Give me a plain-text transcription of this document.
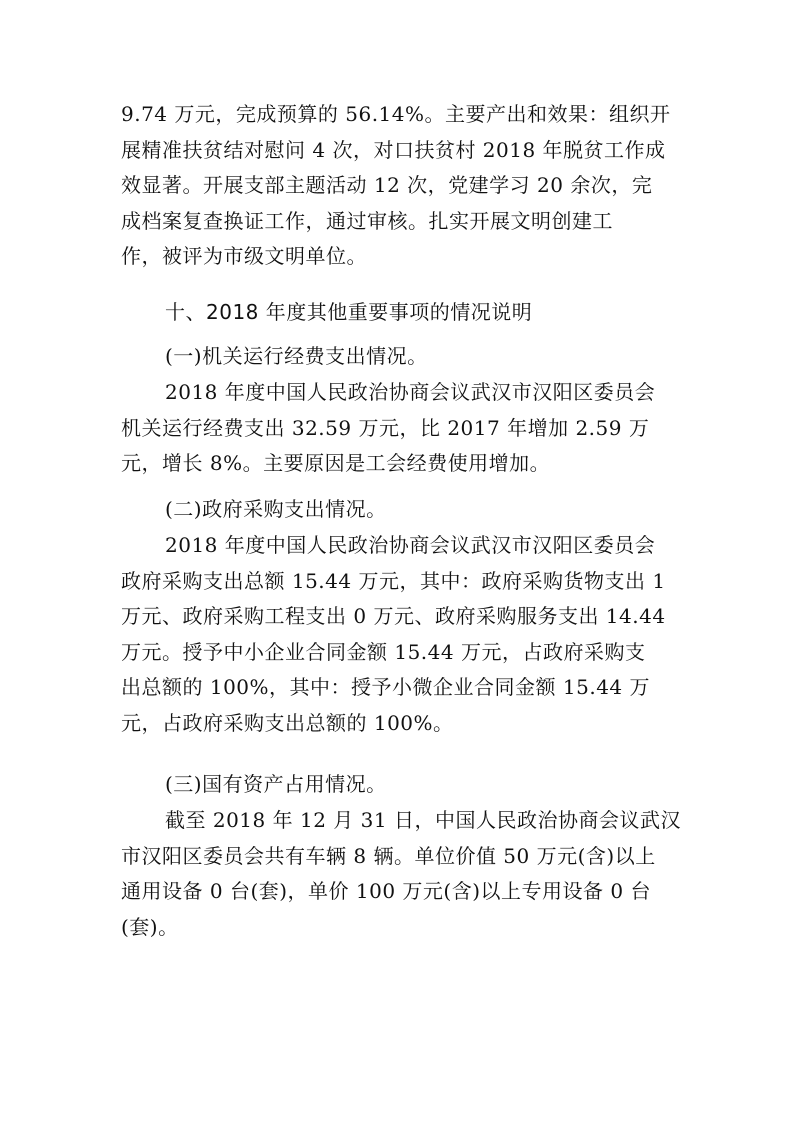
9.74 万元，完成预算的 56.14%。主要产出和效果：组织开
展精准扶贫结对慰问 4 次，对口扶贫村 2018 年脱贫工作成
效显著。开展支部主题活动 12 次，党建学习 20 余次，完
成档案复查换证工作，通过审核。扎实开展文明创建工
作，被评为市级文明单位。
十、2018 年度其他重要事项的情况说明
(一)机关运行经费支出情况。
2018 年度中国人民政治协商会议武汉市汉阳区委员会
机关运行经费支出 32.59 万元，比 2017 年增加 2.59 万
元，增长 8%。主要原因是工会经费使用增加。
(二)政府采购支出情况。
2018 年度中国人民政治协商会议武汉市汉阳区委员会
政府采购支出总额 15.44 万元，其中：政府采购货物支出 1
万元、政府采购工程支出 0 万元、政府采购服务支出 14.44
万元。授予中小企业合同金额 15.44 万元，占政府采购支
出总额的 100%，其中：授予小微企业合同金额 15.44 万
元，占政府采购支出总额的 100%。
(三)国有资产占用情况。
截至 2018 年 12 月 31 日，中国人民政治协商会议武汉
市汉阳区委员会共有车辆 8 辆。单位价值 50 万元(含)以上
通用设备 0 台(套)，单价 100 万元(含)以上专用设备 0 台
(套)。
